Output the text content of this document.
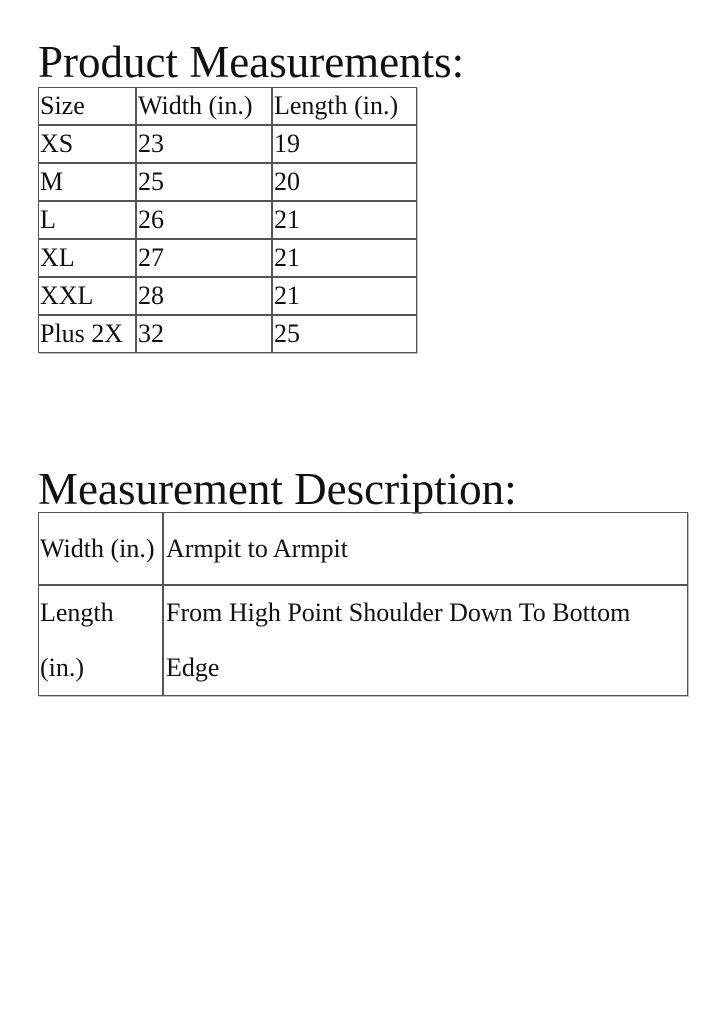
Product Measurements:
Size	Width (in.)	Length (in.)
XS	23	19
M	25	20
L	26	21
XL	27	21
XXL	28	21
Plus 2X	32	25
Measurement Description:
Width (in.)	Armpit to Armpit
Length (in.)	From High Point Shoulder Down To Bottom Edge
